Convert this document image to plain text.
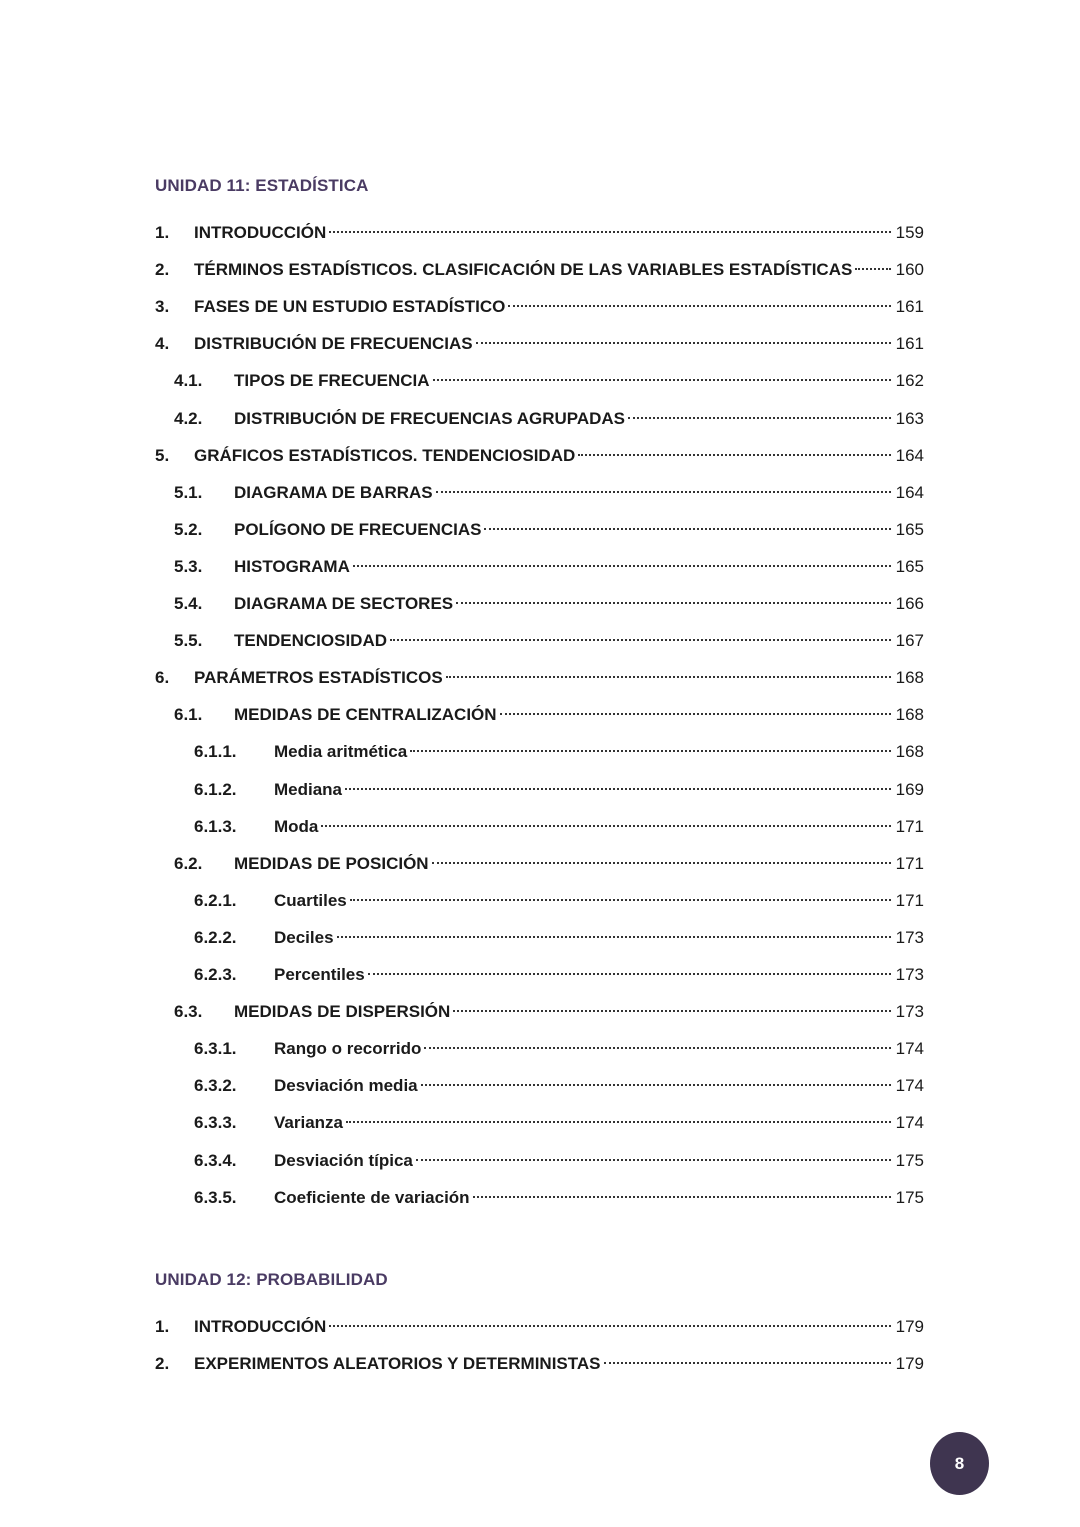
UNIDAD 11: ESTADÍSTICA
1. INTRODUCCIÓN	159
2. TÉRMINOS ESTADÍSTICOS. CLASIFICACIÓN DE LAS VARIABLES ESTADÍSTICAS	160
3. FASES DE UN ESTUDIO ESTADÍSTICO	161
4. DISTRIBUCIÓN DE FRECUENCIAS	161
4.1. TIPOS DE FRECUENCIA	162
4.2. DISTRIBUCIÓN DE FRECUENCIAS AGRUPADAS	163
5. GRÁFICOS ESTADÍSTICOS. TENDENCIOSIDAD	164
5.1. DIAGRAMA DE BARRAS	164
5.2. POLÍGONO DE FRECUENCIAS	165
5.3. HISTOGRAMA	165
5.4. DIAGRAMA DE SECTORES	166
5.5. TENDENCIOSIDAD	167
6. PARÁMETROS ESTADÍSTICOS	168
6.1. MEDIDAS DE CENTRALIZACIÓN	168
6.1.1. Media aritmética	168
6.1.2. Mediana	169
6.1.3. Moda	171
6.2. MEDIDAS DE POSICIÓN	171
6.2.1. Cuartiles	171
6.2.2. Deciles	173
6.2.3. Percentiles	173
6.3. MEDIDAS DE DISPERSIÓN	173
6.3.1. Rango o recorrido	174
6.3.2. Desviación media	174
6.3.3. Varianza	174
6.3.4. Desviación típica	175
6.3.5. Coeficiente de variación	175
UNIDAD 12: PROBABILIDAD
1. INTRODUCCIÓN	179
2. EXPERIMENTOS ALEATORIOS Y DETERMINISTAS	179
8
